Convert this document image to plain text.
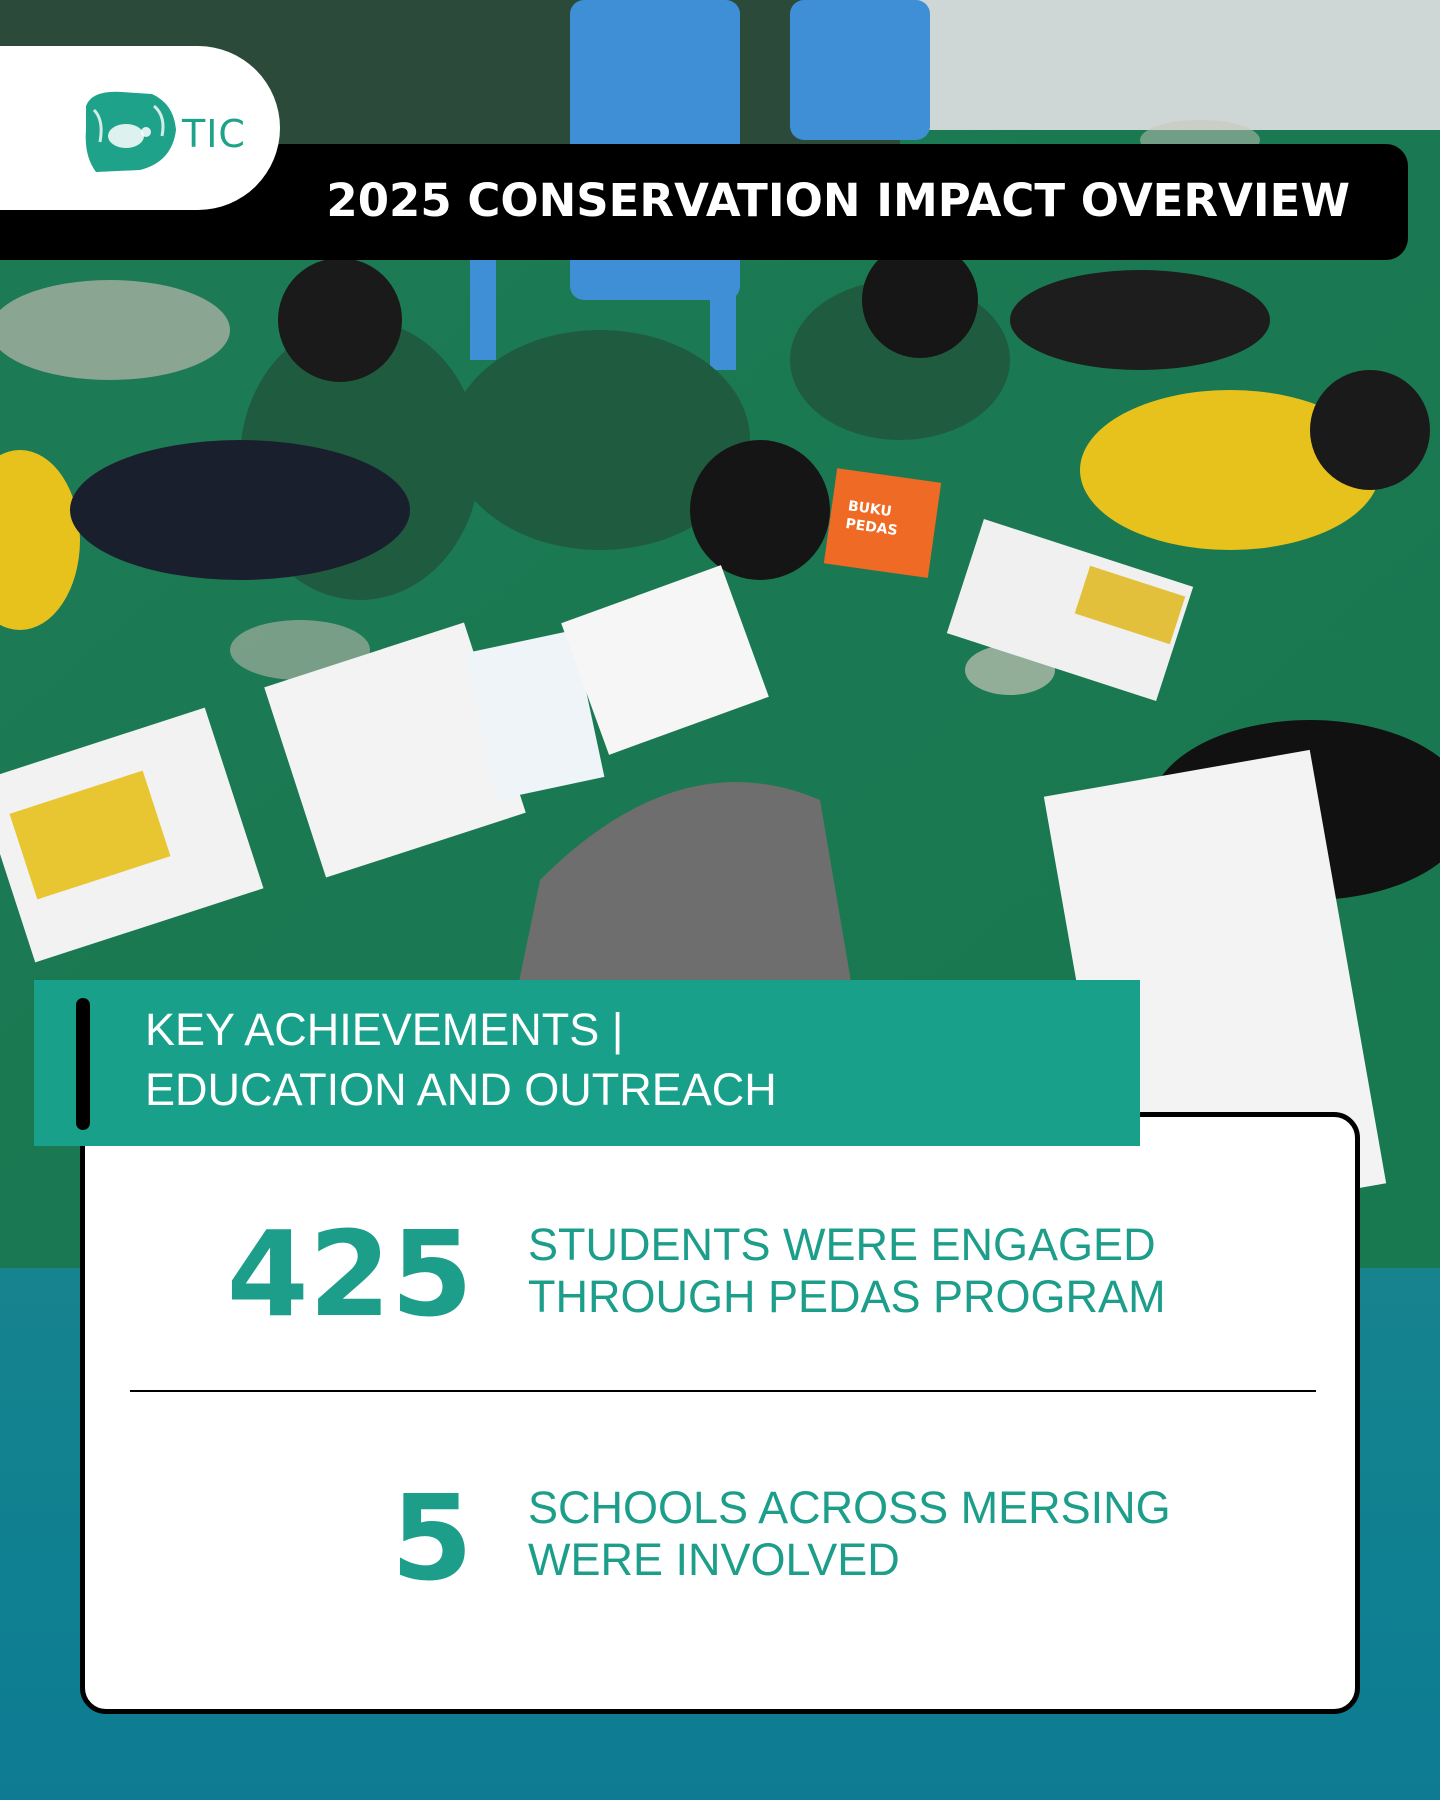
BUKU
PEDAS
TIC
2025 CONSERVATION IMPACT OVERVIEW
425 STUDENTS WERE ENGAGED
THROUGH PEDAS PROGRAM
5 SCHOOLS ACROSS MERSING
WERE INVOLVED
KEY ACHIEVEMENTS |
EDUCATION AND OUTREACH
